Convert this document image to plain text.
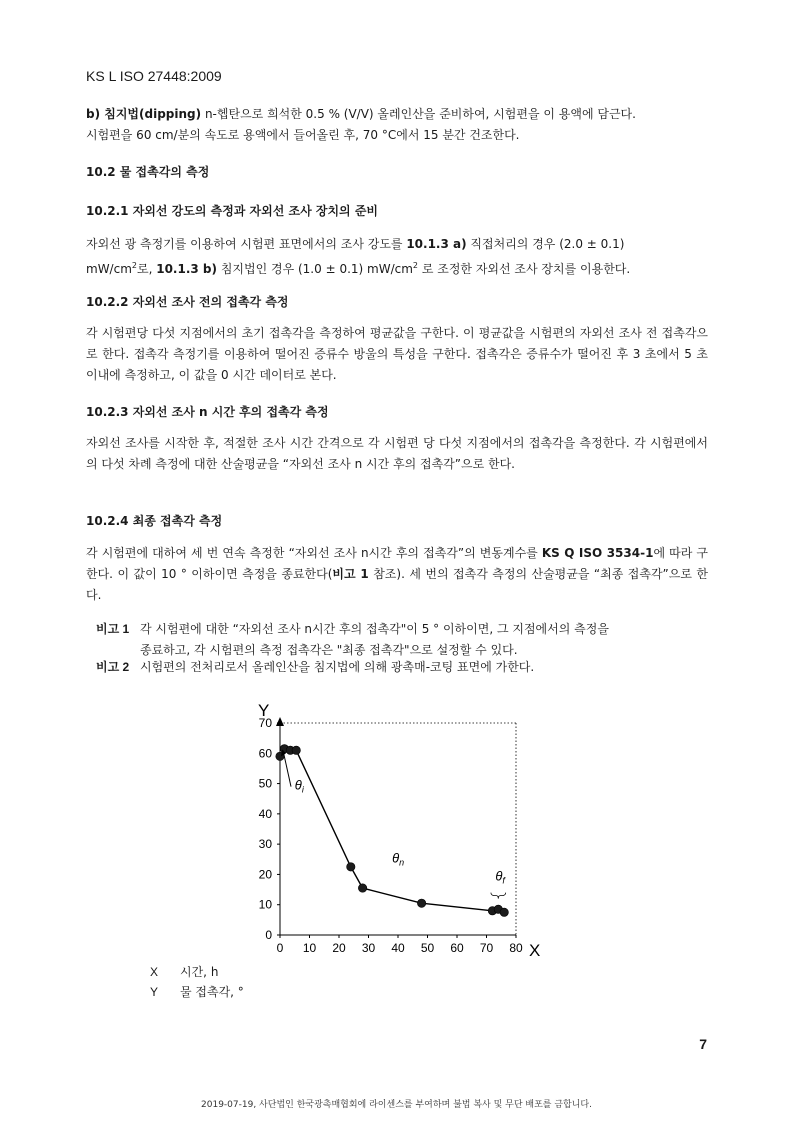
KS L ISO 27448:2009
b) 침지법(dipping) n-헵탄으로 희석한 0.5 % (V/V) 올레인산을 준비하여, 시험편을 이 용액에 담근다.
시험편을 60 cm/분의 속도로 용액에서 들어올린 후, 70 °C에서 15 분간 건조한다.
10.2 물 접촉각의 측정
10.2.1 자외선 강도의 측정과 자외선 조사 장치의 준비
자외선 광 측정기를 이용하여 시험편 표면에서의 조사 강도를 10.1.3 a) 직접처리의 경우 (2.0 ± 0.1)
$mW/cm^2$로, 10.1.3 b) 침지법인 경우 (1.0 ± 0.1) $mW/cm^2$ 로 조정한 자외선 조사 장치를 이용한다.
10.2.2 자외선 조사 전의 접촉각 측정
각 시험편당 다섯 지점에서의 초기 접촉각을 측정하여 평균값을 구한다. 이 평균값을 시험편의 자외선 조사 전 접촉각으로 한다. 접촉각 측정기를 이용하여 떨어진 증류수 방울의 특성을 구한다. 접촉각은 증류수가 떨어진 후 3 초에서 5 초 이내에 측정하고, 이 값을 0 시간 데이터로 본다.
10.2.3 자외선 조사 n 시간 후의 접촉각 측정
자외선 조사를 시작한 후, 적절한 조사 시간 간격으로 각 시험편 당 다섯 지점에서의 접촉각을 측정한다. 각 시험편에서의 다섯 차례 측정에 대한 산술평균을 “자외선 조사 n 시간 후의 접촉각”으로 한다.
10.2.4 최종 접촉각 측정
각 시험편에 대하여 세 번 연속 측정한 “자외선 조사 n시간 후의 접촉각”의 변동계수를 KS Q ISO 3534-1에 따라 구한다. 이 값이 10 ° 이하이면 측정을 종료한다(비고 1 참조). 세 번의 접촉각 측정의 산술평균을 “최종 접촉각”으로 한다.
비고 1 각 시험편에 대한 “자외선 조사 n시간 후의 접촉각"이 5 ° 이하이면, 그 지점에서의 측정을
종료하고, 각 시험편의 측정 접촉각은 "최종 접촉각"으로 설정할 수 있다.
비고 2 시험편의 전처리로서 올레인산을 침지법에 의해 광촉매-코팅 표면에 가한다.
0
10
20
30
40
50
60
70
0 10 20 30 40 50 60 70 80
Y
X
$\theta_i$
$\theta_n$
$\theta_f$
X 시간, h
Y 물 접촉각, °
7
2019-07-19, 사단법인 한국광촉매협회에 라이센스를 부여하며 불법 복사 및 무단 배포를 금합니다.
